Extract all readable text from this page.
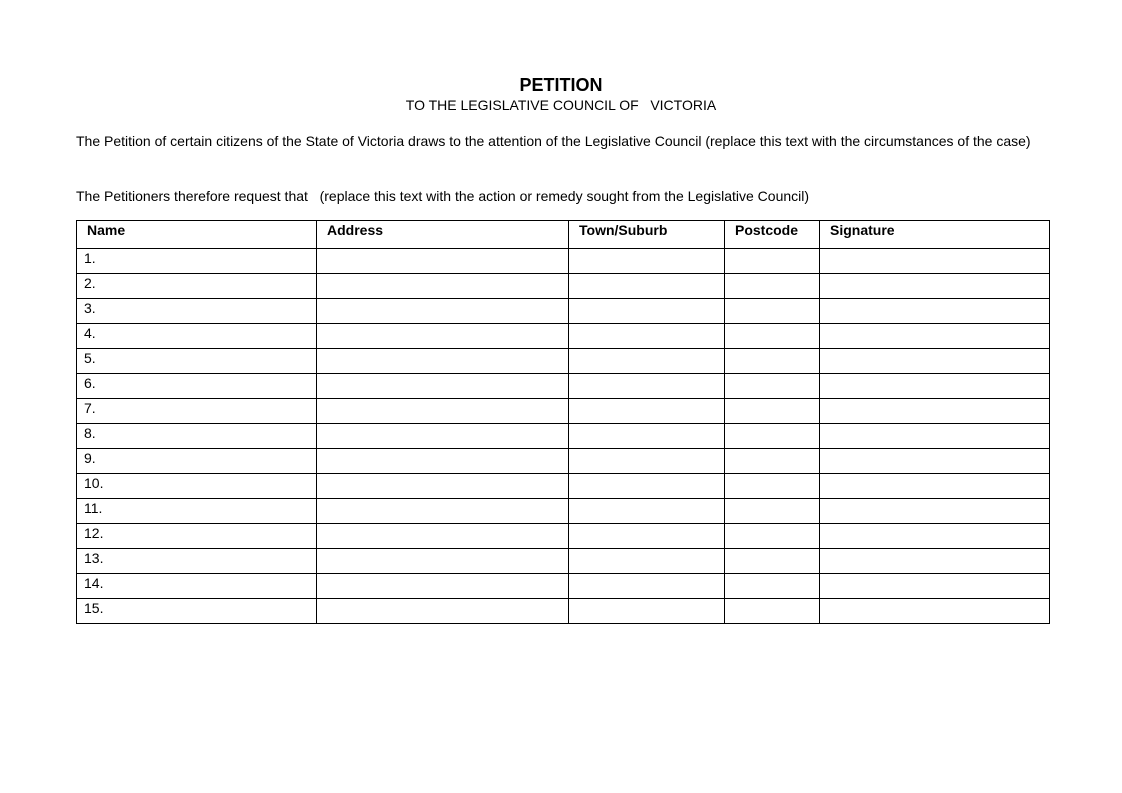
PETITION
TO THE LEGISLATIVE COUNCIL OF   VICTORIA
The Petition of certain citizens of the State of Victoria draws to the attention of the Legislative Council (replace this text with the circumstances of the case)
The Petitioners therefore request that   (replace this text with the action or remedy sought from the Legislative Council)
Name	Address	Town/Suburb	Postcode	Signature
1.				
2.				
3.				
4.				
5.				
6.				
7.				
8.				
9.				
10.				
11.				
12.				
13.				
14.				
15.				
